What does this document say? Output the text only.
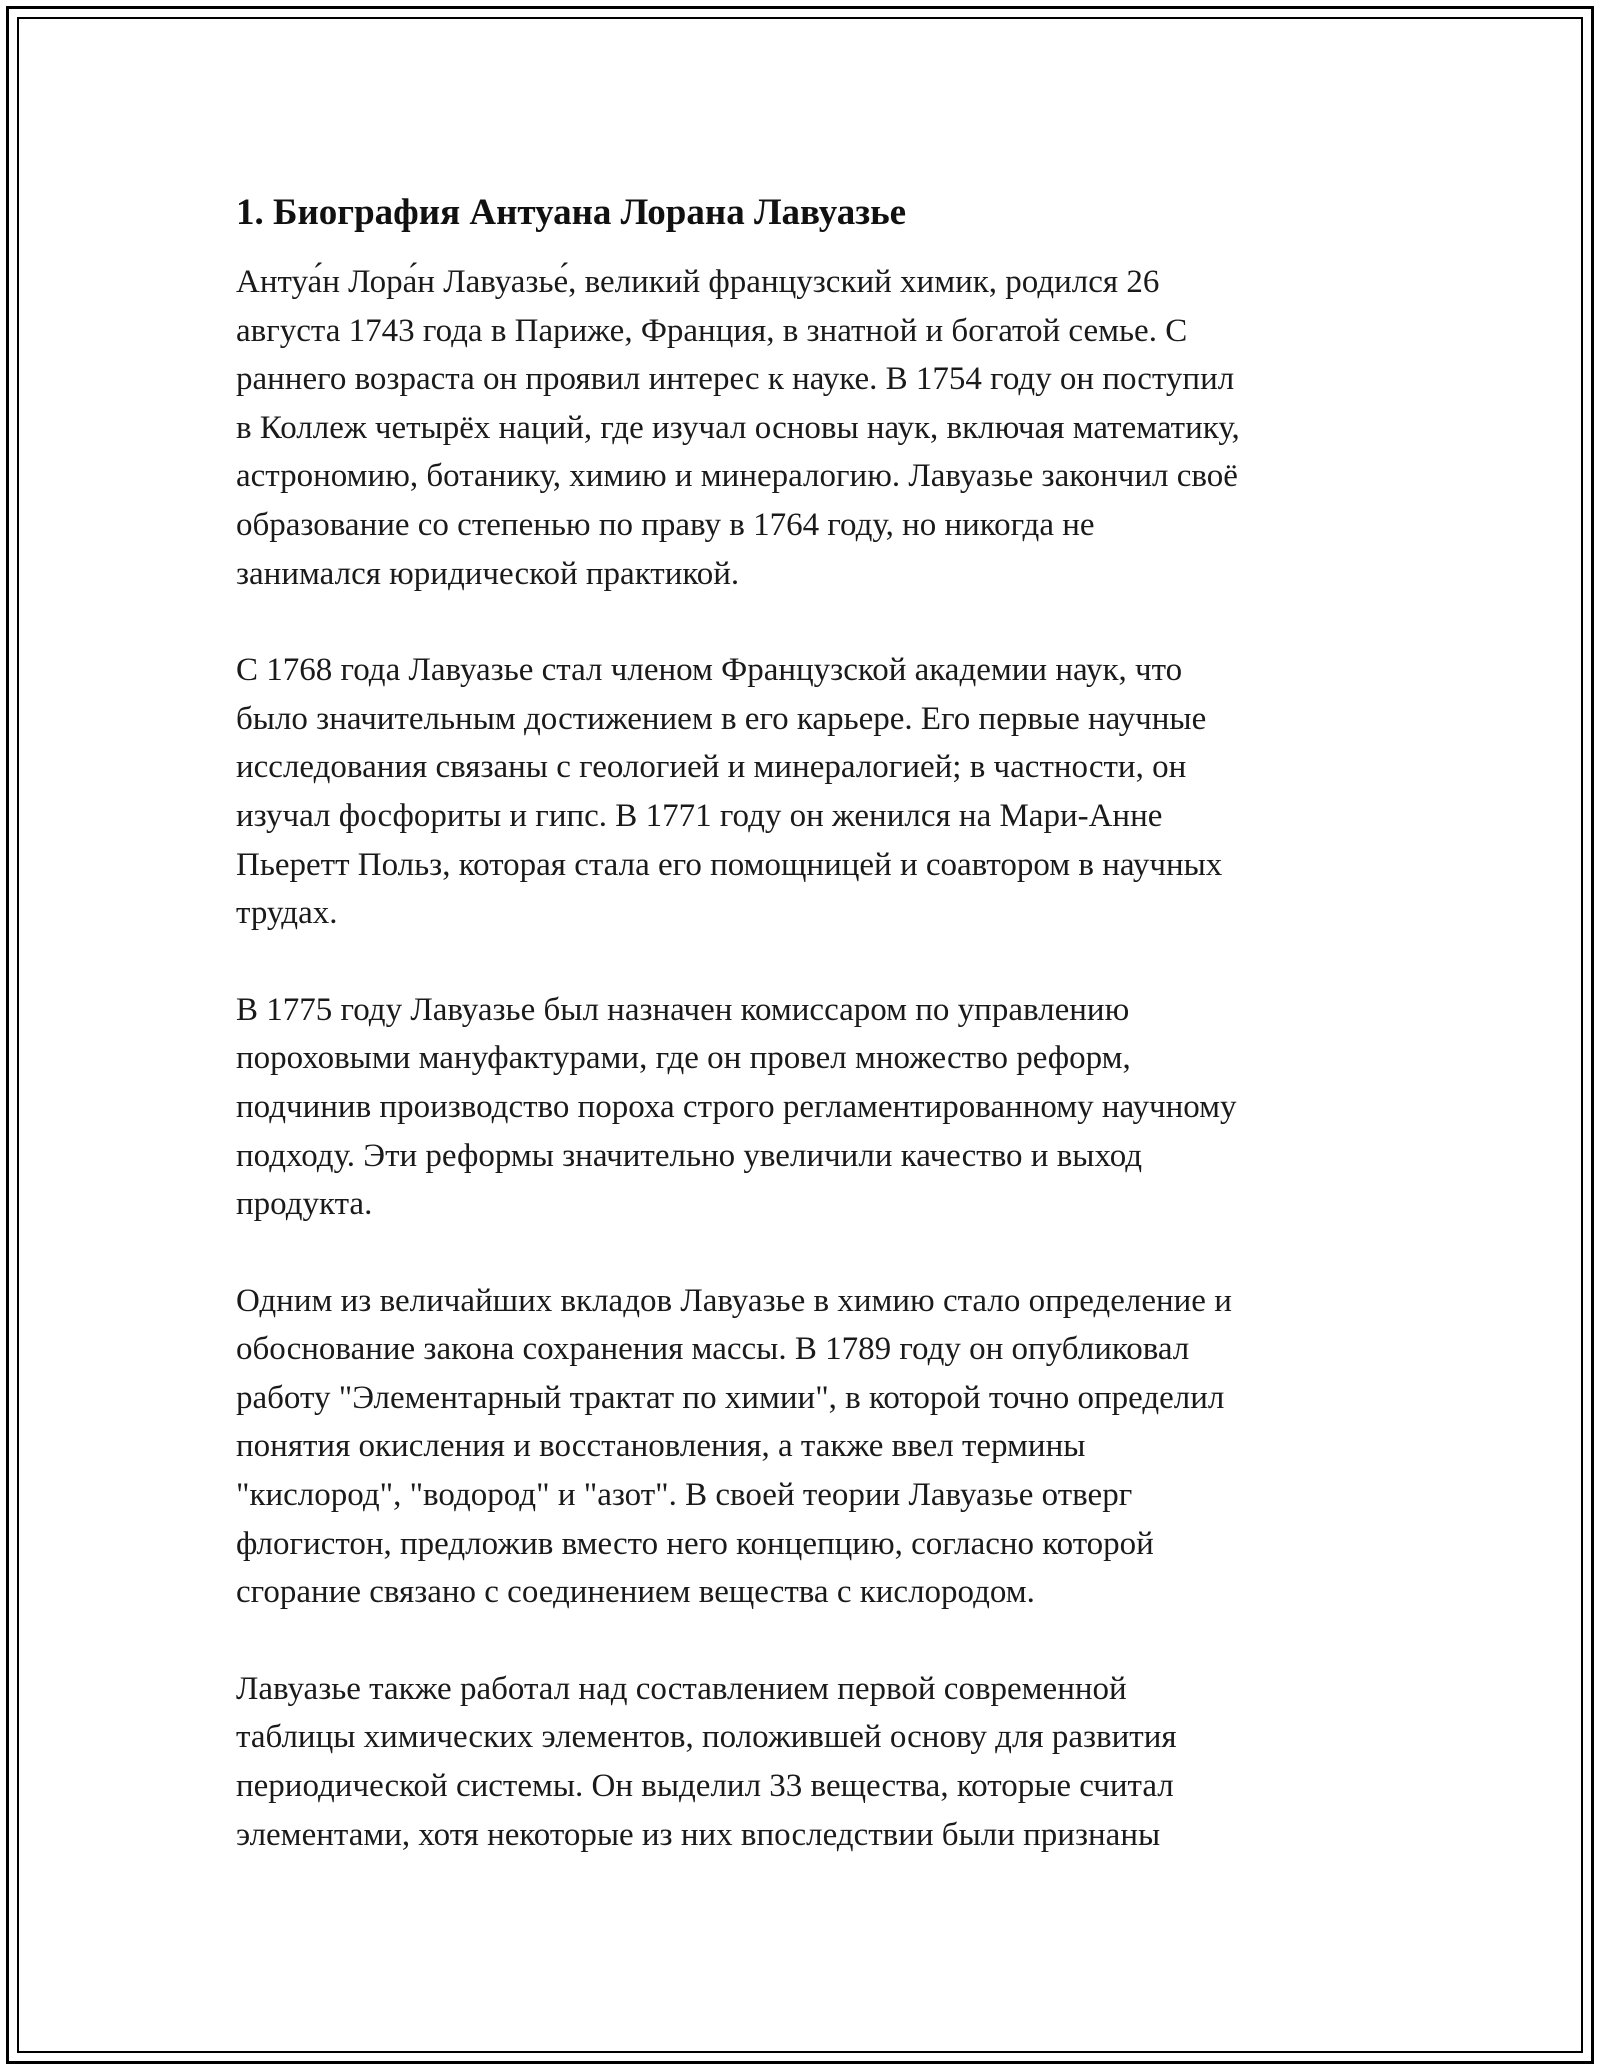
1. Биография Антуана Лорана Лавуазье

Антуа́н Лора́н Лавуазье́, великий французский химик, родился 26
августа 1743 года в Париже, Франция, в знатной и богатой семье. С
раннего возраста он проявил интерес к науке. В 1754 году он поступил
в Коллеж четырёх наций, где изучал основы наук, включая математику,
астрономию, ботанику, химию и минералогию. Лавуазье закончил своё
образование со степенью по праву в 1764 году, но никогда не
занимался юридической практикой.

С 1768 года Лавуазье стал членом Французской академии наук, что
было значительным достижением в его карьере. Его первые научные
исследования связаны с геологией и минералогией; в частности, он
изучал фосфориты и гипс. В 1771 году он женился на Мари-Анне
Пьеретт Польз, которая стала его помощницей и соавтором в научных
трудах.

В 1775 году Лавуазье был назначен комиссаром по управлению
пороховыми мануфактурами, где он провел множество реформ,
подчинив производство пороха строго регламентированному научному
подходу. Эти реформы значительно увеличили качество и выход
продукта.

Одним из величайших вкладов Лавуазье в химию стало определение и
обоснование закона сохранения массы. В 1789 году он опубликовал
работу "Элементарный трактат по химии", в которой точно определил
понятия окисления и восстановления, а также ввел термины
"кислород", "водород" и "азот". В своей теории Лавуазье отверг
флогистон, предложив вместо него концепцию, согласно которой
сгорание связано с соединением вещества с кислородом.

Лавуазье также работал над составлением первой современной
таблицы химических элементов, положившей основу для развития
периодической системы. Он выделил 33 вещества, которые считал
элементами, хотя некоторые из них впоследствии были признаны
